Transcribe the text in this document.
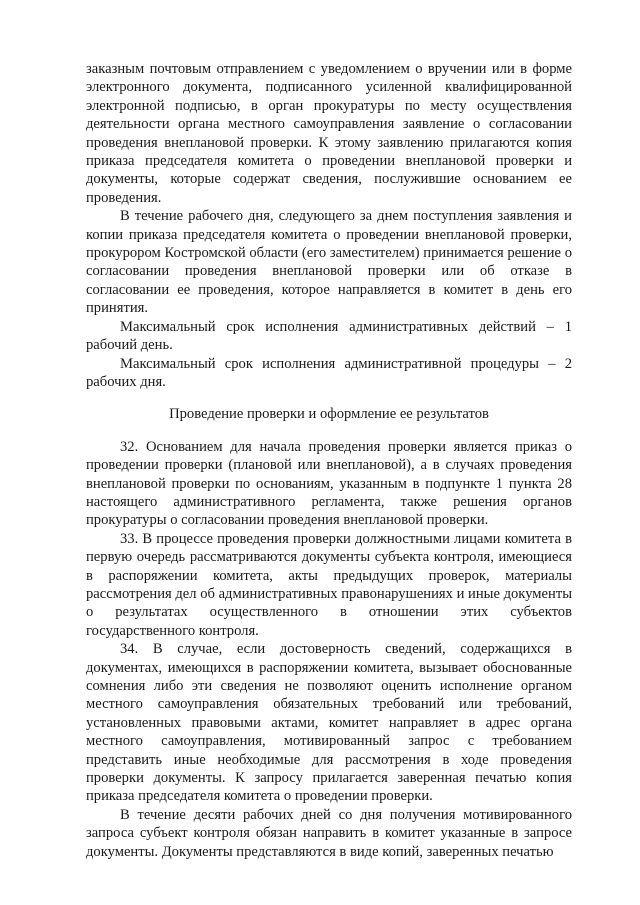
заказным почтовым отправлением с уведомлением о вручении или в форме электронного документа, подписанного усиленной квалифицированной электронной подписью, в орган прокуратуры по месту осуществления деятельности органа местного самоуправления заявление о согласовании проведения внеплановой проверки. К этому заявлению прилагаются копия приказа председателя комитета о проведении внеплановой проверки и документы, которые содержат сведения, послужившие основанием ее проведения.

В течение рабочего дня, следующего за днем поступления заявления и копии приказа председателя комитета о проведении внеплановой проверки, прокурором Костромской области (его заместителем) принимается решение о согласовании проведения внеплановой проверки или об отказе в согласовании ее проведения, которое направляется в комитет в день его принятия.

Максимальный срок исполнения административных действий – 1 рабочий день.

Максимальный срок исполнения административной процедуры – 2 рабочих дня.

Проведение проверки и оформление ее результатов

32. Основанием для начала проведения проверки является приказ о проведении проверки (плановой или внеплановой), а в случаях проведения внеплановой проверки по основаниям, указанным в подпункте 1 пункта 28 настоящего административного регламента, также решения органов прокуратуры о согласовании проведения внеплановой проверки.

33. В процессе проведения проверки должностными лицами комитета в первую очередь рассматриваются документы субъекта контроля, имеющиеся в распоряжении комитета, акты предыдущих проверок, материалы рассмотрения дел об административных правонарушениях и иные документы о результатах осуществленного в отношении этих субъектов государственного контроля.

34. В случае, если достоверность сведений, содержащихся в документах, имеющихся в распоряжении комитета, вызывает обоснованные сомнения либо эти сведения не позволяют оценить исполнение органом местного самоуправления обязательных требований или требований, установленных правовыми актами, комитет направляет в адрес органа местного самоуправления, мотивированный запрос с требованием представить иные необходимые для рассмотрения в ходе проведения проверки документы. К запросу прилагается заверенная печатью копия приказа председателя комитета о проведении проверки.

В течение десяти рабочих дней со дня получения мотивированного запроса субъект контроля обязан направить в комитет указанные в запросе документы. Документы представляются в виде копий, заверенных печатью
